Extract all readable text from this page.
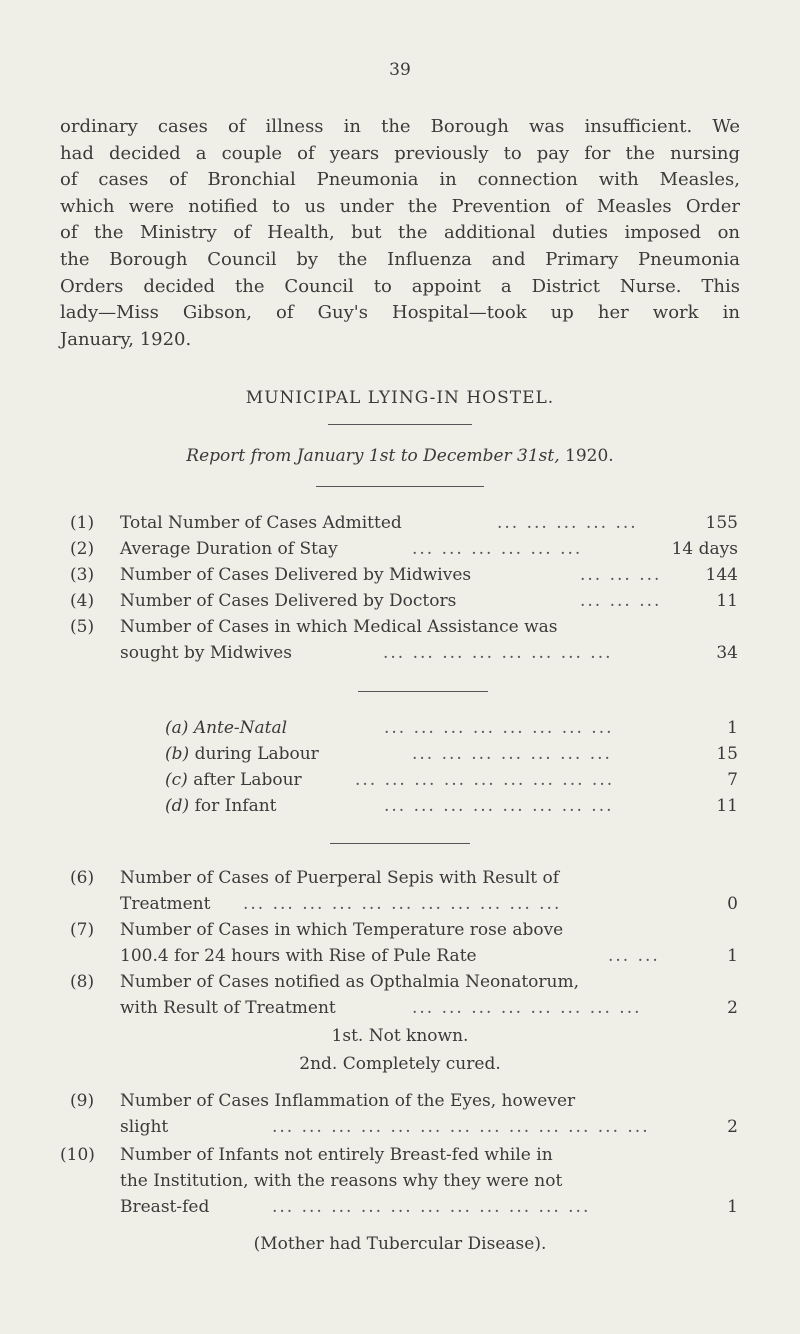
39
ordinary cases of illness in the Borough was insufficient. We
had decided a couple of years previously to pay for the nursing
of cases of Bronchial Pneumonia in connection with Measles,
which were notified to us under the Prevention of Measles Order
of the Ministry of Health, but the additional duties imposed on
the Borough Council by the Influenza and Primary Pneumonia
Orders decided the Council to appoint a District Nurse. This
lady—Miss Gibson, of Guy's Hospital—took up her work in
January, 1920.
MUNICIPAL LYING-IN HOSTEL.
Report from January 1st to December 31st, 1920.
(1) Total Number of Cases Admitted	... ... ... ... ...	155
(2) Average Duration of Stay	... ... ... ... ... ...	14 days
(3) Number of Cases Delivered by Midwives	... ... ...	144
(4) Number of Cases Delivered by Doctors	... ... ...	11
(5) Number of Cases in which Medical Assistance was
sought by Midwives	... ... ... ... ... ... ... ...	34
(a) Ante-Natal	... ... ... ... ... ... ... ...	1
(b) during Labour	... ... ... ... ... ... ...	15
(c) after Labour	... ... ... ... ... ... ... ... ...	7
(d) for Infant	... ... ... ... ... ... ... ...	11
(6) Number of Cases of Puerperal Sepis with Result of
Treatment ... ... ... ... ... ... ... ... ... ... ...	0
(7) Number of Cases in which Temperature rose above
100.4 for 24 hours with Rise of Pule Rate	... ...	1
(8) Number of Cases notified as Opthalmia Neonatorum,
with Result of Treatment	... ... ... ... ... ... ... ...	2
1st. Not known.
2nd. Completely cured.
(9) Number of Cases Inflammation of the Eyes, however
slight	... ... ... ... ... ... ... ... ... ... ... ... ...	2
(10) Number of Infants not entirely Breast-fed while in
the Institution, with the reasons why they were not
Breast-fed	... ... ... ... ... ... ... ... ... ... ...	1
(Mother had Tubercular Disease).
